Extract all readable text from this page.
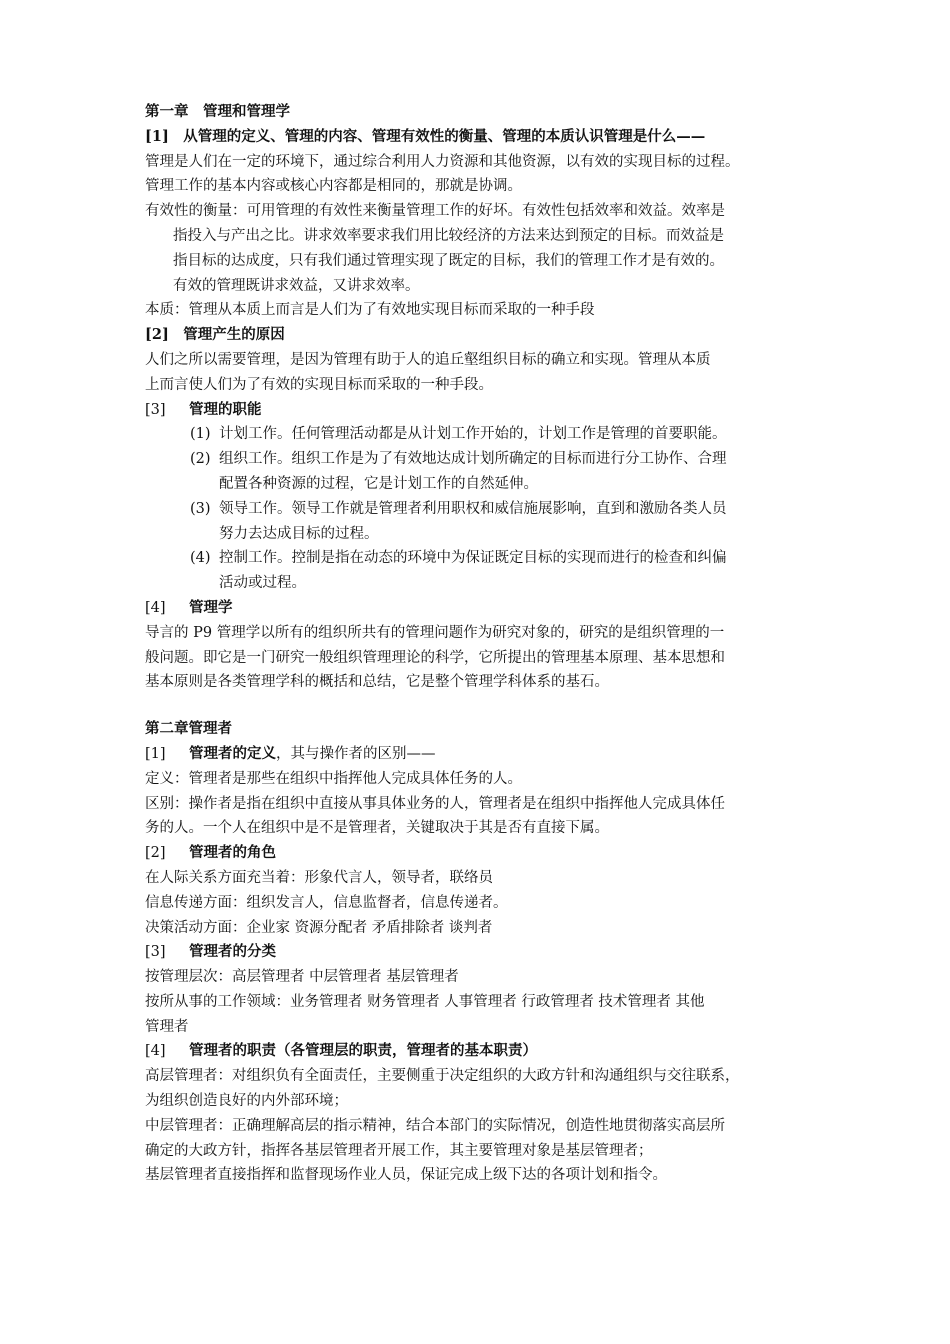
第一章　管理和管理学
[1]　从管理的定义、管理的内容、管理有效性的衡量、管理的本质认识管理是什么——
管理是人们在一定的环境下，通过综合利用人力资源和其他资源，以有效的实现目标的过程。
管理工作的基本内容或核心内容都是相同的，那就是协调。
有效性的衡量：可用管理的有效性来衡量管理工作的好坏。有效性包括效率和效益。效率是
指投入与产出之比。讲求效率要求我们用比较经济的方法来达到预定的目标。而效益是
指目标的达成度，只有我们通过管理实现了既定的目标，我们的管理工作才是有效的。
有效的管理既讲求效益，又讲求效率。
本质：管理从本质上而言是人们为了有效地实现目标而采取的一种手段
[2]　管理产生的原因
人们之所以需要管理，是因为管理有助于人的追丘壑组织目标的确立和实现。管理从本质
上而言使人们为了有效的实现目标而采取的一种手段。
[3] 管理的职能
(1) 计划工作。任何管理活动都是从计划工作开始的，计划工作是管理的首要职能。
(2) 组织工作。组织工作是为了有效地达成计划所确定的目标而进行分工协作、合理
配置各种资源的过程，它是计划工作的自然延伸。
(3) 领导工作。领导工作就是管理者利用职权和威信施展影响，直到和激励各类人员
努力去达成目标的过程。
(4) 控制工作。控制是指在动态的环境中为保证既定目标的实现而进行的检查和纠偏
活动或过程。
[4] 管理学
导言的 P9 管理学以所有的组织所共有的管理问题作为研究对象的，研究的是组织管理的一
般问题。即它是一门研究一般组织管理理论的科学，它所提出的管理基本原理、基本思想和
基本原则是各类管理学科的概括和总结，它是整个管理学科体系的基石。
第二章管理者
[1] 管理者的定义，其与操作者的区别——
定义：管理者是那些在组织中指挥他人完成具体任务的人。
区别：操作者是指在组织中直接从事具体业务的人，管理者是在组织中指挥他人完成具体任
务的人。一个人在组织中是不是管理者，关键取决于其是否有直接下属。
[2] 管理者的角色
在人际关系方面充当着：形象代言人，领导者，联络员
信息传递方面：组织发言人，信息监督者，信息传递者。
决策活动方面：企业家 资源分配者 矛盾排除者 谈判者
[3] 管理者的分类
按管理层次：高层管理者 中层管理者 基层管理者
按所从事的工作领域：业务管理者 财务管理者 人事管理者 行政管理者 技术管理者 其他
管理者
[4] 管理者的职责（各管理层的职责，管理者的基本职责）
高层管理者：对组织负有全面责任，主要侧重于决定组织的大政方针和沟通组织与交往联系，
为组织创造良好的内外部环境；
中层管理者：正确理解高层的指示精神，结合本部门的实际情况，创造性地贯彻落实高层所
确定的大政方针，指挥各基层管理者开展工作，其主要管理对象是基层管理者；
基层管理者直接指挥和监督现场作业人员，保证完成上级下达的各项计划和指令。
